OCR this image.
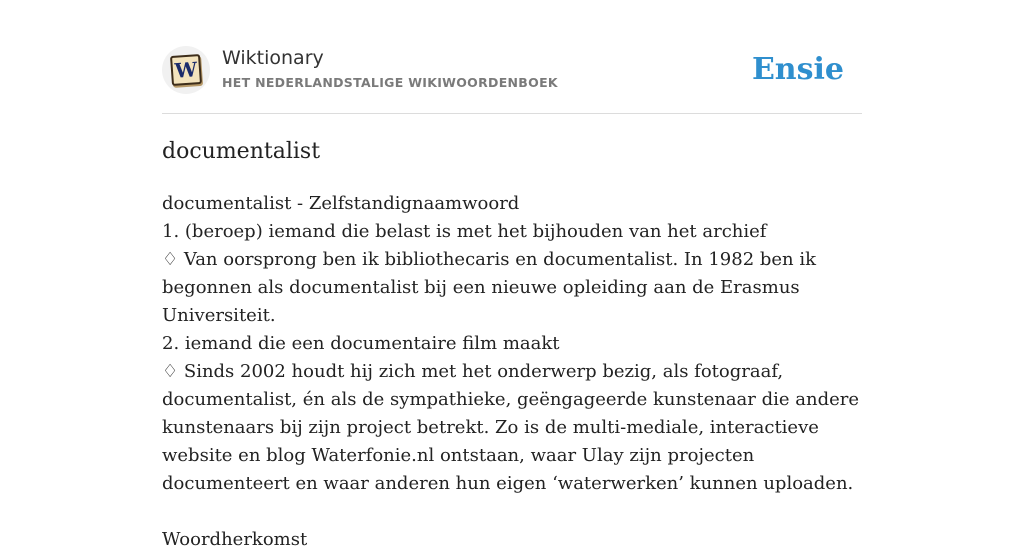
W Wiktionary
HET NEDERLANDSTALIGE WIKIWOORDENBOEK	Ensie
documentalist

documentalist - Zelfstandignaamwoord

1. (beroep) iemand die belast is met het bijhouden van het archief

♢ Van oorsprong ben ik bibliothecaris en documentalist. In 1982 ben ik begonnen als documentalist bij een nieuwe opleiding aan de Erasmus Universiteit.

2. iemand die een documentaire film maakt

♢ Sinds 2002 houdt hij zich met het onderwerp bezig, als fotograaf, documentalist, én als de sympathieke, geëngageerde kunstenaar die andere kunstenaars bij zijn project betrekt. Zo is de multi-mediale, interactieve website en blog Waterfonie.nl ontstaan, waar Ulay zijn projecten documenteert en waar anderen hun eigen ‘waterwerken’ kunnen uploaden.

Woordherkomst
